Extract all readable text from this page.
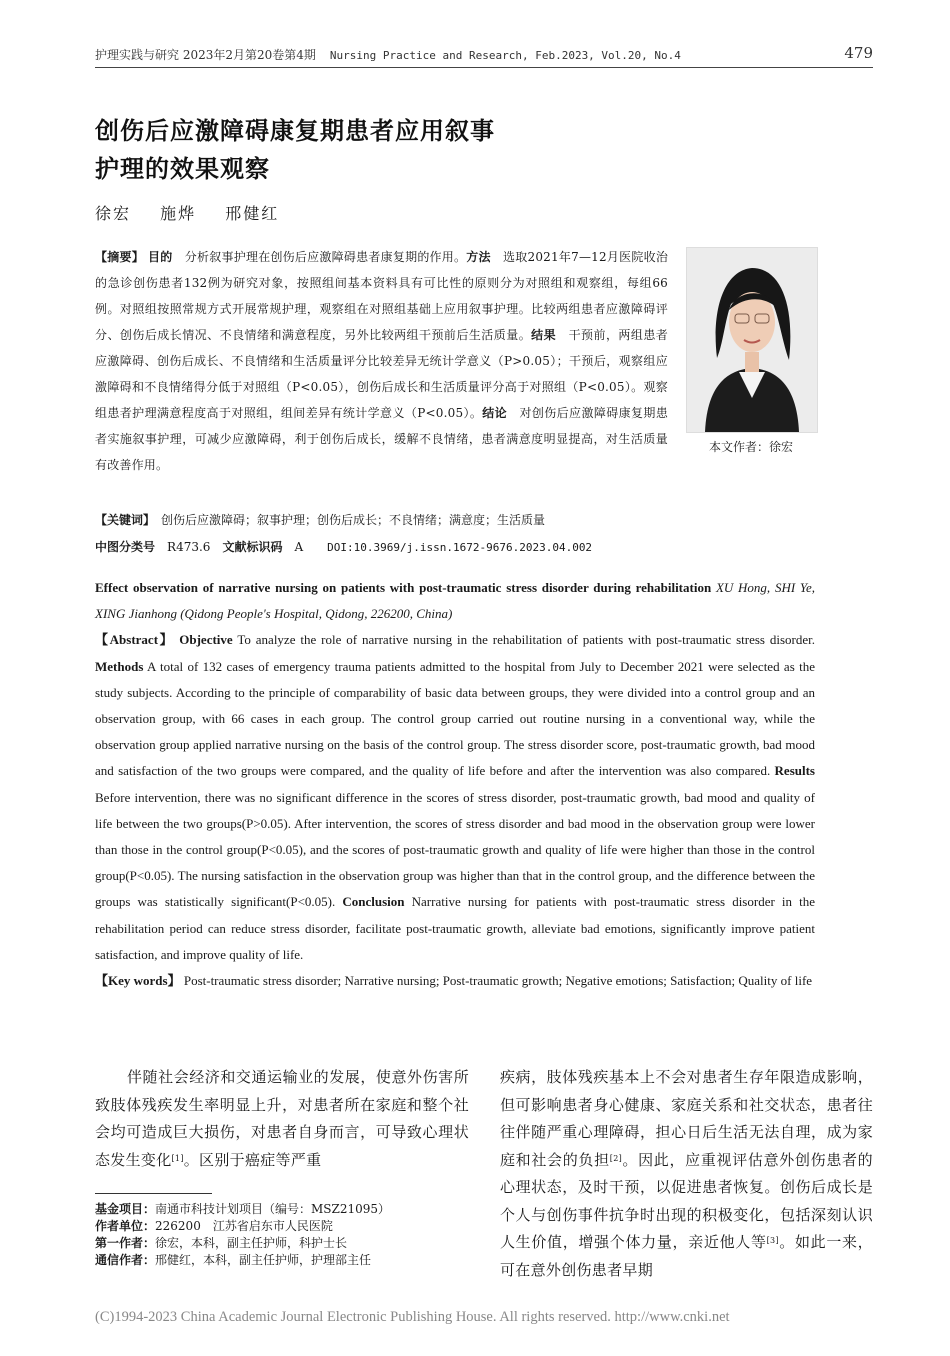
护理实践与研究 2023年2月第20卷第4期 Nursing Practice and Research, Feb.2023, Vol.20, No.4	479
创伤后应激障碍康复期患者应用叙事
护理的效果观察
徐宏 施烨 邢健红
【摘要】 目的　 分析叙事护理在创伤后应激障碍患者康复期的作用。方法　 选取2021年7—12月医院收治的急诊创伤患者132例为研究对象，按照组间基本资料具有可比性的原则分为对照组和观察组，每组66例。对照组按照常规方式开展常规护理，观察组在对照组基础上应用叙事护理。比较两组患者应激障碍评分、创伤后成长情况、不良情绪和满意程度，另外比较两组干预前后生活质量。结果　 干预前，两组患者应激障碍、创伤后成长、不良情绪和生活质量评分比较差异无统计学意义（P>0.05）；干预后，观察组应激障碍和不良情绪得分低于对照组（P<0.05），创伤后成长和生活质量评分高于对照组（P<0.05）。观察组患者护理满意程度高于对照组，组间差异有统计学意义（P<0.05）。结论　 对创伤后应激障碍康复期患者实施叙事护理，可减少应激障碍，利于创伤后成长，缓解不良情绪，患者满意度明显提高，对生活质量有改善作用。
本文作者：徐宏
【关键词】　 创伤后应激障碍；叙事护理；创伤后成长；不良情绪；满意度；生活质量
中图分类号　 R473.6　 文献标识码　 A　　 DOI:10.3969/j.issn.1672-9676.2023.04.002

Effect observation of narrative nursing on patients with post-traumatic stress disorder during rehabilitation XU Hong, SHI Ye, XING Jianhong (Qidong People's Hospital, Qidong, 226200, China)

【Abstract】 Objective To analyze the role of narrative nursing in the rehabilitation of patients with post-traumatic stress disorder. Methods A total of 132 cases of emergency trauma patients admitted to the hospital from July to December 2021 were selected as the study subjects. According to the principle of comparability of basic data between groups, they were divided into a control group and an observation group, with 66 cases in each group. The control group carried out routine nursing in a conventional way, while the observation group applied narrative nursing on the basis of the control group. The stress disorder score, post-traumatic growth, bad mood and satisfaction of the two groups were compared, and the quality of life before and after the intervention was also compared. Results Before intervention, there was no significant difference in the scores of stress disorder, post-traumatic growth, bad mood and quality of life between the two groups(P>0.05). After intervention, the scores of stress disorder and bad mood in the observation group were lower than those in the control group(P<0.05), and the scores of post-traumatic growth and quality of life were higher than those in the control group(P<0.05). The nursing satisfaction in the observation group was higher than that in the control group, and the difference between the groups was statistically significant(P<0.05). Conclusion Narrative nursing for patients with post-traumatic stress disorder in the rehabilitation period can reduce stress disorder, facilitate post-traumatic growth, alleviate bad emotions, significantly improve patient satisfaction, and improve quality of life.

【Key words】 Post-traumatic stress disorder; Narrative nursing; Post-traumatic growth; Negative emotions; Satisfaction; Quality of life

伴随社会经济和交通运输业的发展，使意外伤害所致肢体残疾发生率明显上升，对患者所在家庭和整个社会均可造成巨大损伤，对患者自身而言，可导致心理状态发生变化[1]。区别于癌症等严重
疾病，肢体残疾基本上不会对患者生存年限造成影响，但可影响患者身心健康、家庭关系和社交状态，患者往往伴随严重心理障碍，担心日后生活无法自理，成为家庭和社会的负担[2]。因此，应重视评估意外创伤患者的心理状态，及时干预，以促进患者恢复。创伤后成长是个人与创伤事件抗争时出现的积极变化，包括深刻认识人生价值，增强个体力量，亲近他人等[3]。如此一来，可在意外创伤患者早期
基金项目：南通市科技计划项目（编号：MSZ21095）
作者单位：226200　江苏省启东市人民医院
第一作者：徐宏，本科，副主任护师，科护士长
通信作者：邢健红，本科，副主任护师，护理部主任
(C)1994-2023 China Academic Journal Electronic Publishing House. All rights reserved. http://www.cnki.net
